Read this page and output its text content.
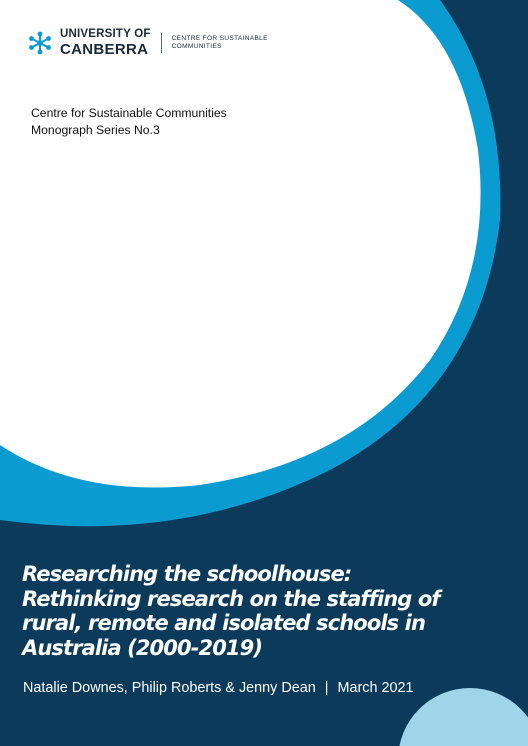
UNIVERSITY OF
CANBERRA
CENTRE FOR SUSTAINABLE
COMMUNITIES
Centre for Sustainable Communities
Monograph Series No.3
Researching the schoolhouse:
Rethinking research on the staffing of
rural, remote and isolated schools in
Australia (2000-2019)
Natalie Downes, Philip Roberts & Jenny Dean | March 2021
